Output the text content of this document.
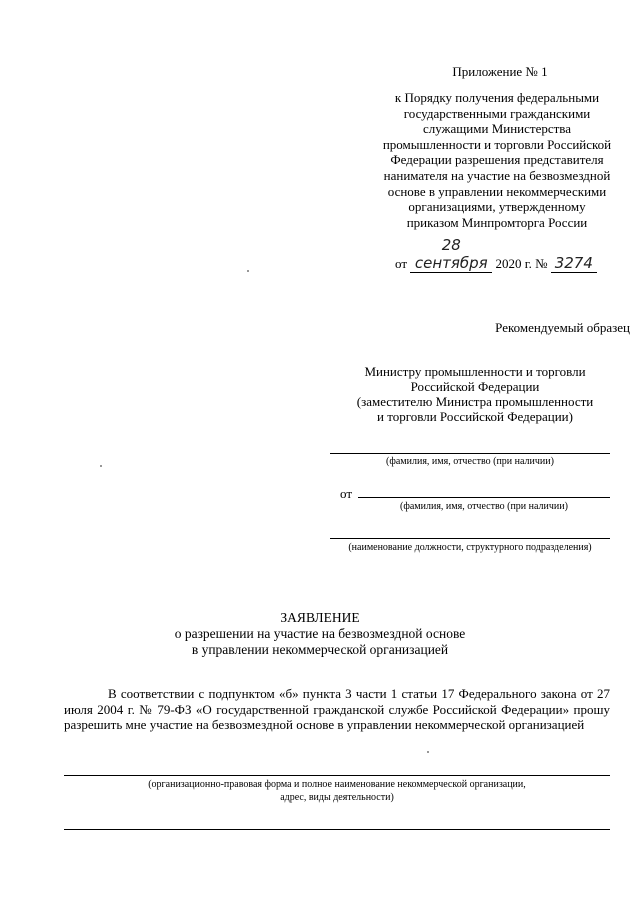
Приложение № 1
к Порядку получения федеральными
государственными гражданскими
служащими Министерства
промышленности и торговли Российской
Федерации разрешения представителя
нанимателя на участие на безвозмездной
основе в управлении некоммерческими
организациями, утвержденному
приказом Минпромторга России
от 28 сентября 2020 г. № 3274
Рекомендуемый образец
Министру промышленности и торговли
Российской Федерации
(заместителю Министра промышленности
и торговли Российской Федерации)
(фамилия, имя, отчество (при наличии)
от
(фамилия, имя, отчество (при наличии)
(наименование должности, структурного подразделения)
ЗАЯВЛЕНИЕ
о разрешении на участие на безвозмездной основе
в управлении некоммерческой организацией
В соответствии с подпунктом «б» пункта 3 части 1 статьи 17 Федерального закона от 27 июля 2004 г. № 79-ФЗ «О государственной гражданской службе Российской Федерации» прошу разрешить мне участие на безвозмездной основе в управлении некоммерческой организацией
(организационно-правовая форма и полное наименование некоммерческой организации,
адрес, виды деятельности)
